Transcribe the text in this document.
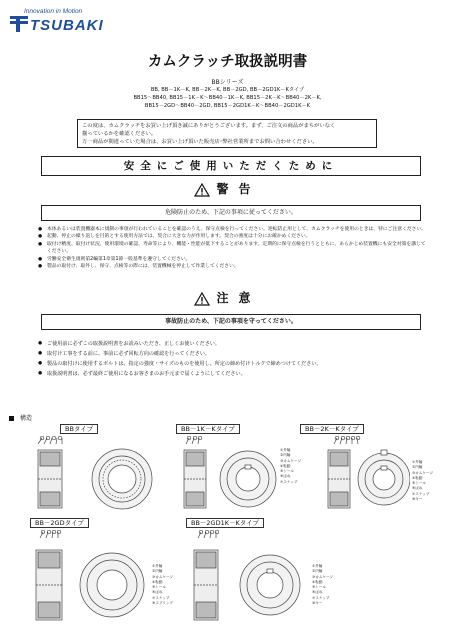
Innovation in Motion
TSUBAKI
カムクラッチ取扱説明書
BBシリーズ
BB, BB－1K－K, BB－2K－K, BB－2GD, BB－2GD1K－Kタイプ
BB15～BB40, BB15－1K－K～BB40－1K－K, BB15－2K－K～BB40－2K－K,
BB15－2GD～BB40－2GD, BB15－2GD1K－K～BB40－2GD1K－K
この度は、カムクラッチをお買い上げ頂き誠にありがとうございます。まず、ご注文の商品がまちがいなく
揃っているかを確認ください。
万一商品が間違っていた場合は、お買い上げ頂いた販売店･弊社営業所までお問い合わせください。
安全にご使用いただくために
警告
危険防止のため、下記の事項に従ってください。
● 本体あるいは装置機器本に規制の事項が行われていることを確認のうえ、保守点検を行ってください。逆転防止用として、カムクラッチを使用のときは、特にご注意ください。
● 起動、停止の繰り返しを目的とする使用方法では、契合に大きな力が作用します。契合の強度は十分にお確かめください。
● 取付け精度、取付け状況、使用環境の確認、寿命等により、機能・性能が低下することがあります。定期的に保守点検を行うとともに、あらかじめ装置機にも安全対策を講じてください。
● 労働安全衛生規則第2編第1章第1節一般基準を遵守してください。
● 製品の取付け、取外し、保守、点検等の際には、装置機械を停止して作業してください。
注意
事故防止のため、下記の事項を守ってください。
● ご使用前に必ずこの取扱説明書をお読みいただき、正しくお使いください。
● 取付け工事をする前に、事前に必ず回転方向の確認を行ってください。
● 製品の取付けに使用するボルトは、指定の強度・サイズのものを使用し、所定の締め付けトルクで締めつけてください。
● 取扱説明書は、必ず最終ご使用になるお客さまのお手元まで届くようにしてください。
構造
BBタイプ	BB－1K－Kタイプ
①外輪
②内輪
③カムケージ
④転動
⑤シール
⑥ばね
⑦スナップ
BB－2K－Kタイプ
①外輪
②内輪
③カムケージ
④転動
⑤シール
⑥ばね
⑦スナップ
⑧キー
BB－2GDタイプ
①外輪
②内輪
③カムケージ
④転動
⑤シール
⑥ばね
⑦スナップ
⑧スプリング
BB－2GD1K－Kタイプ
①外輪
②内輪
③カムケージ
④転動
⑤シール
⑥ばね
⑦スナップ
⑧キー
